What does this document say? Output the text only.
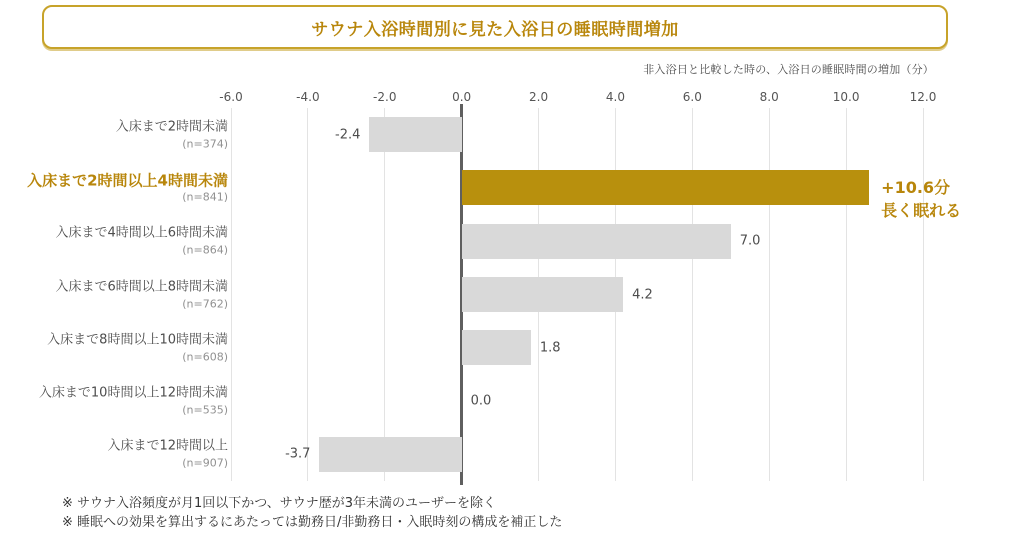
サウナ入浴時間別に見た入浴日の睡眠時間増加
非入浴日と比較した時の、入浴日の睡眠時間の増加（分）
-6.0	-4.0	-2.0	0.0	2.0	4.0	6.0	8.0	10.0	12.0
入床まで2時間未満
(n=374)
-2.4
入床まで2時間以上4時間未満
(n=841)	+10.6分
長く眠れる
入床まで4時間以上6時間未満
(n=864)
7.0
入床まで6時間以上8時間未満
(n=762)
4.2
入床まで8時間以上10時間未満
(n=608)
1.8
入床まで10時間以上12時間未満
(n=535)
0.0
入床まで12時間以上
(n=907)
-3.7
※ サウナ入浴頻度が月1回以下かつ、サウナ歴が3年未満のユーザーを除く
※ 睡眠への効果を算出するにあたっては勤務日/非勤務日・入眠時刻の構成を補正した
